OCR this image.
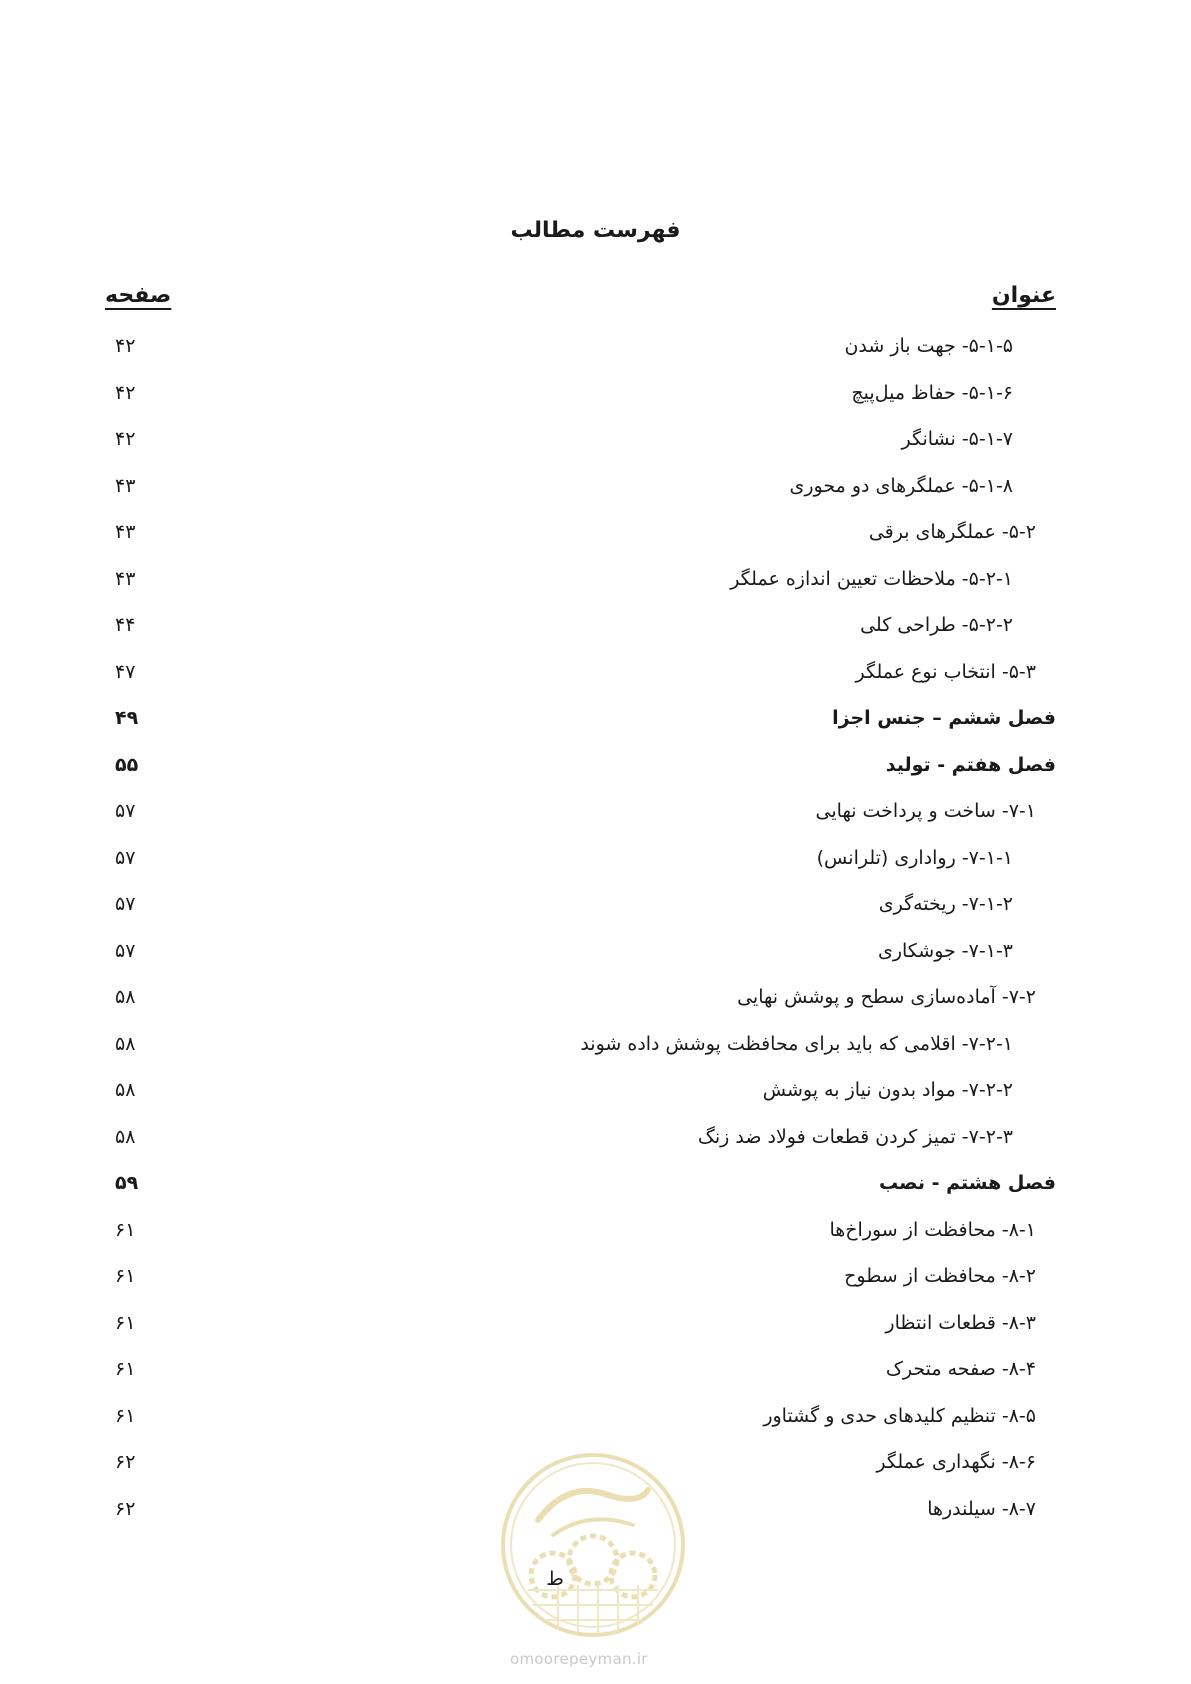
فهرست مطالب
عنوان
صفحه
۵-۱-۵- جهت باز شدن
۴۲
۵-۱-۶- حفاظ میل‌پیچ
۴۲
۵-۱-۷- نشانگر
۴۲
۵-۱-۸- عملگرهای دو محوری
۴۳
۵-۲- عملگرهای برقی
۴۳
۵-۲-۱- ملاحظات تعیین اندازه عملگر
۴۳
۵-۲-۲- طراحی کلی
۴۴
۵-۳- انتخاب نوع عملگر
۴۷
فصل ششم – جنس اجزا
۴۹
فصل هفتم - تولید
۵۵
۷-۱- ساخت و پرداخت نهایی
۵۷
۷-۱-۱- رواداری (تلرانس)
۵۷
۷-۱-۲- ریخته‌گری
۵۷
۷-۱-۳- جوشکاری
۵۷
۷-۲- آماده‌سازی سطح و پوشش نهایی
۵۸
۷-۲-۱- اقلامی که باید برای محافظت پوشش داده شوند
۵۸
۷-۲-۲- مواد بدون نیاز به پوشش
۵۸
۷-۲-۳- تمیز کردن قطعات فولاد ضد زنگ
۵۸
فصل هشتم - نصب
۵۹
۸-۱- محافظت از سوراخ‌ها
۶۱
۸-۲- محافظت از سطوح
۶۱
۸-۳- قطعات انتظار
۶۱
۸-۴- صفحه متحرک
۶۱
۸-۵- تنظیم کلیدهای حدی و گشتاور
۶۱
۸-۶- نگهداری عملگر
۶۲
۸-۷- سیلندرها
۶۲
ط
omoorepeyman.ir
